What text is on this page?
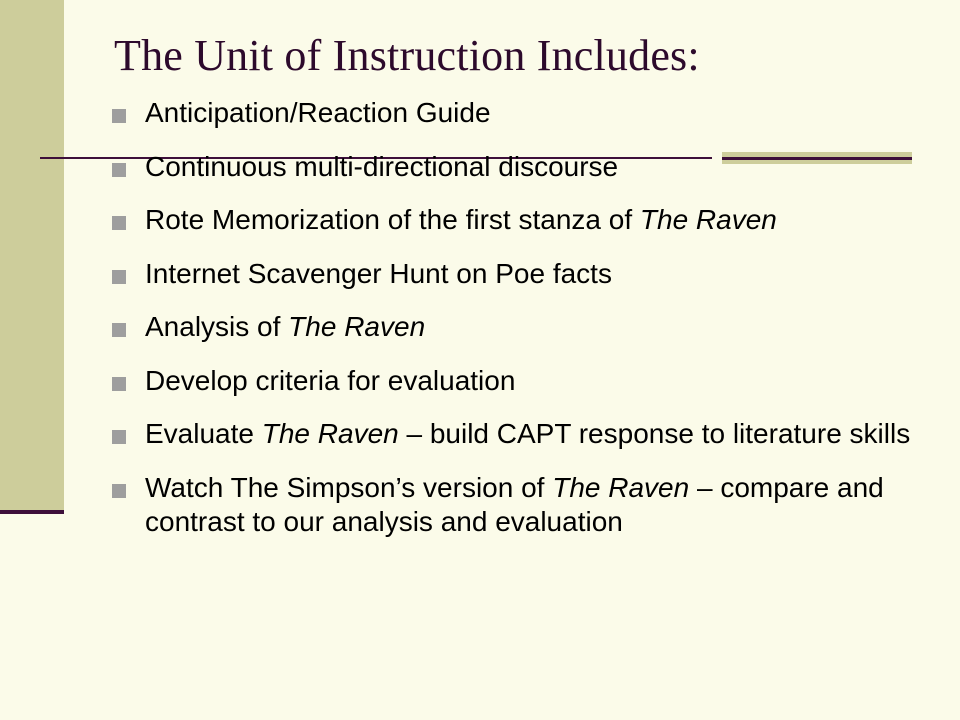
The Unit of Instruction Includes:
Anticipation/Reaction Guide
Continuous multi-directional discourse
Rote Memorization of the first stanza of The Raven
Internet Scavenger Hunt on Poe facts
Analysis of The Raven
Develop criteria for evaluation
Evaluate The Raven – build CAPT response to literature skills
Watch The Simpson’s version of The Raven – compare and contrast to our analysis and evaluation
